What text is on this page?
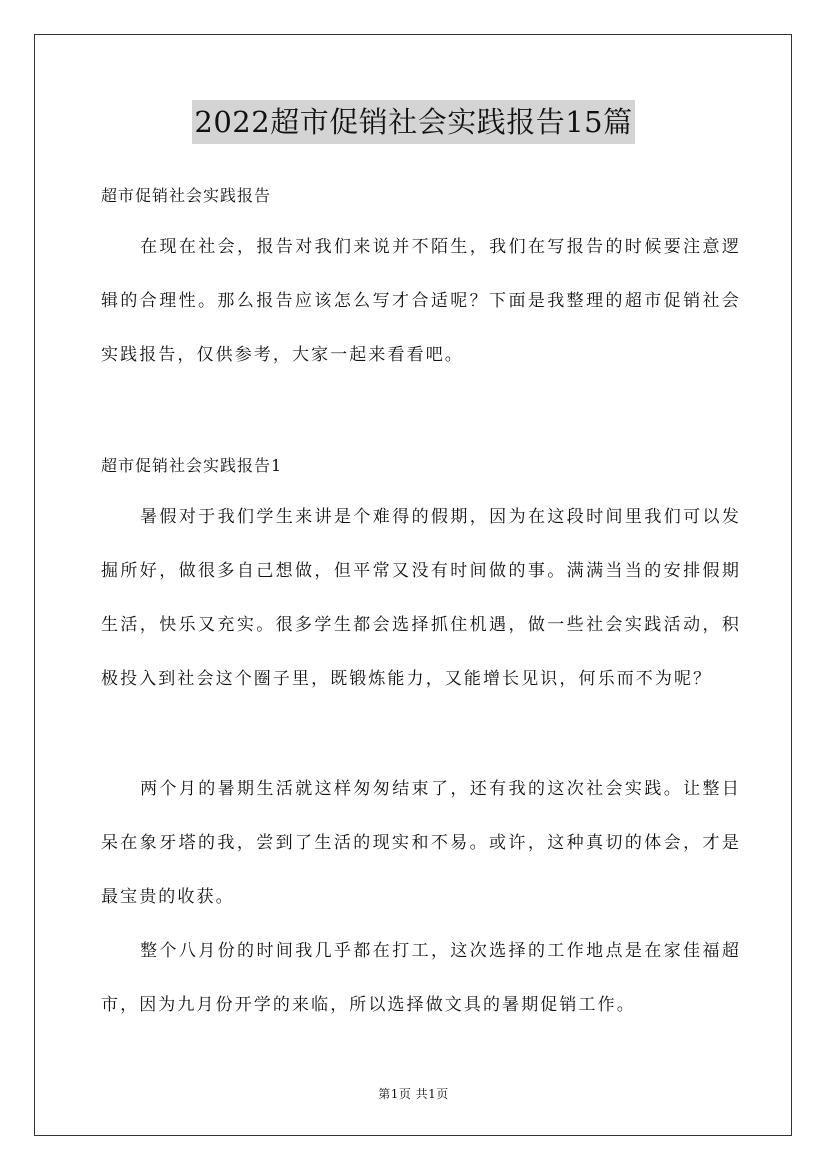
2022超市促销社会实践报告15篇
超市促销社会实践报告
在现在社会，报告对我们来说并不陌生，我们在写报告的时候要注意逻辑的合理性。那么报告应该怎么写才合适呢？下面是我整理的超市促销社会实践报告，仅供参考，大家一起来看看吧。
超市促销社会实践报告1
暑假对于我们学生来讲是个难得的假期，因为在这段时间里我们可以发掘所好，做很多自己想做，但平常又没有时间做的事。满满当当的安排假期生活，快乐又充实。很多学生都会选择抓住机遇，做一些社会实践活动，积极投入到社会这个圈子里，既锻炼能力，又能增长见识，何乐而不为呢？
两个月的暑期生活就这样匆匆结束了，还有我的这次社会实践。让整日呆在象牙塔的我，尝到了生活的现实和不易。或许，这种真切的体会，才是最宝贵的收获。
整个八月份的时间我几乎都在打工，这次选择的工作地点是在家佳福超市，因为九月份开学的来临，所以选择做文具的暑期促销工作。
第1页 共1页
